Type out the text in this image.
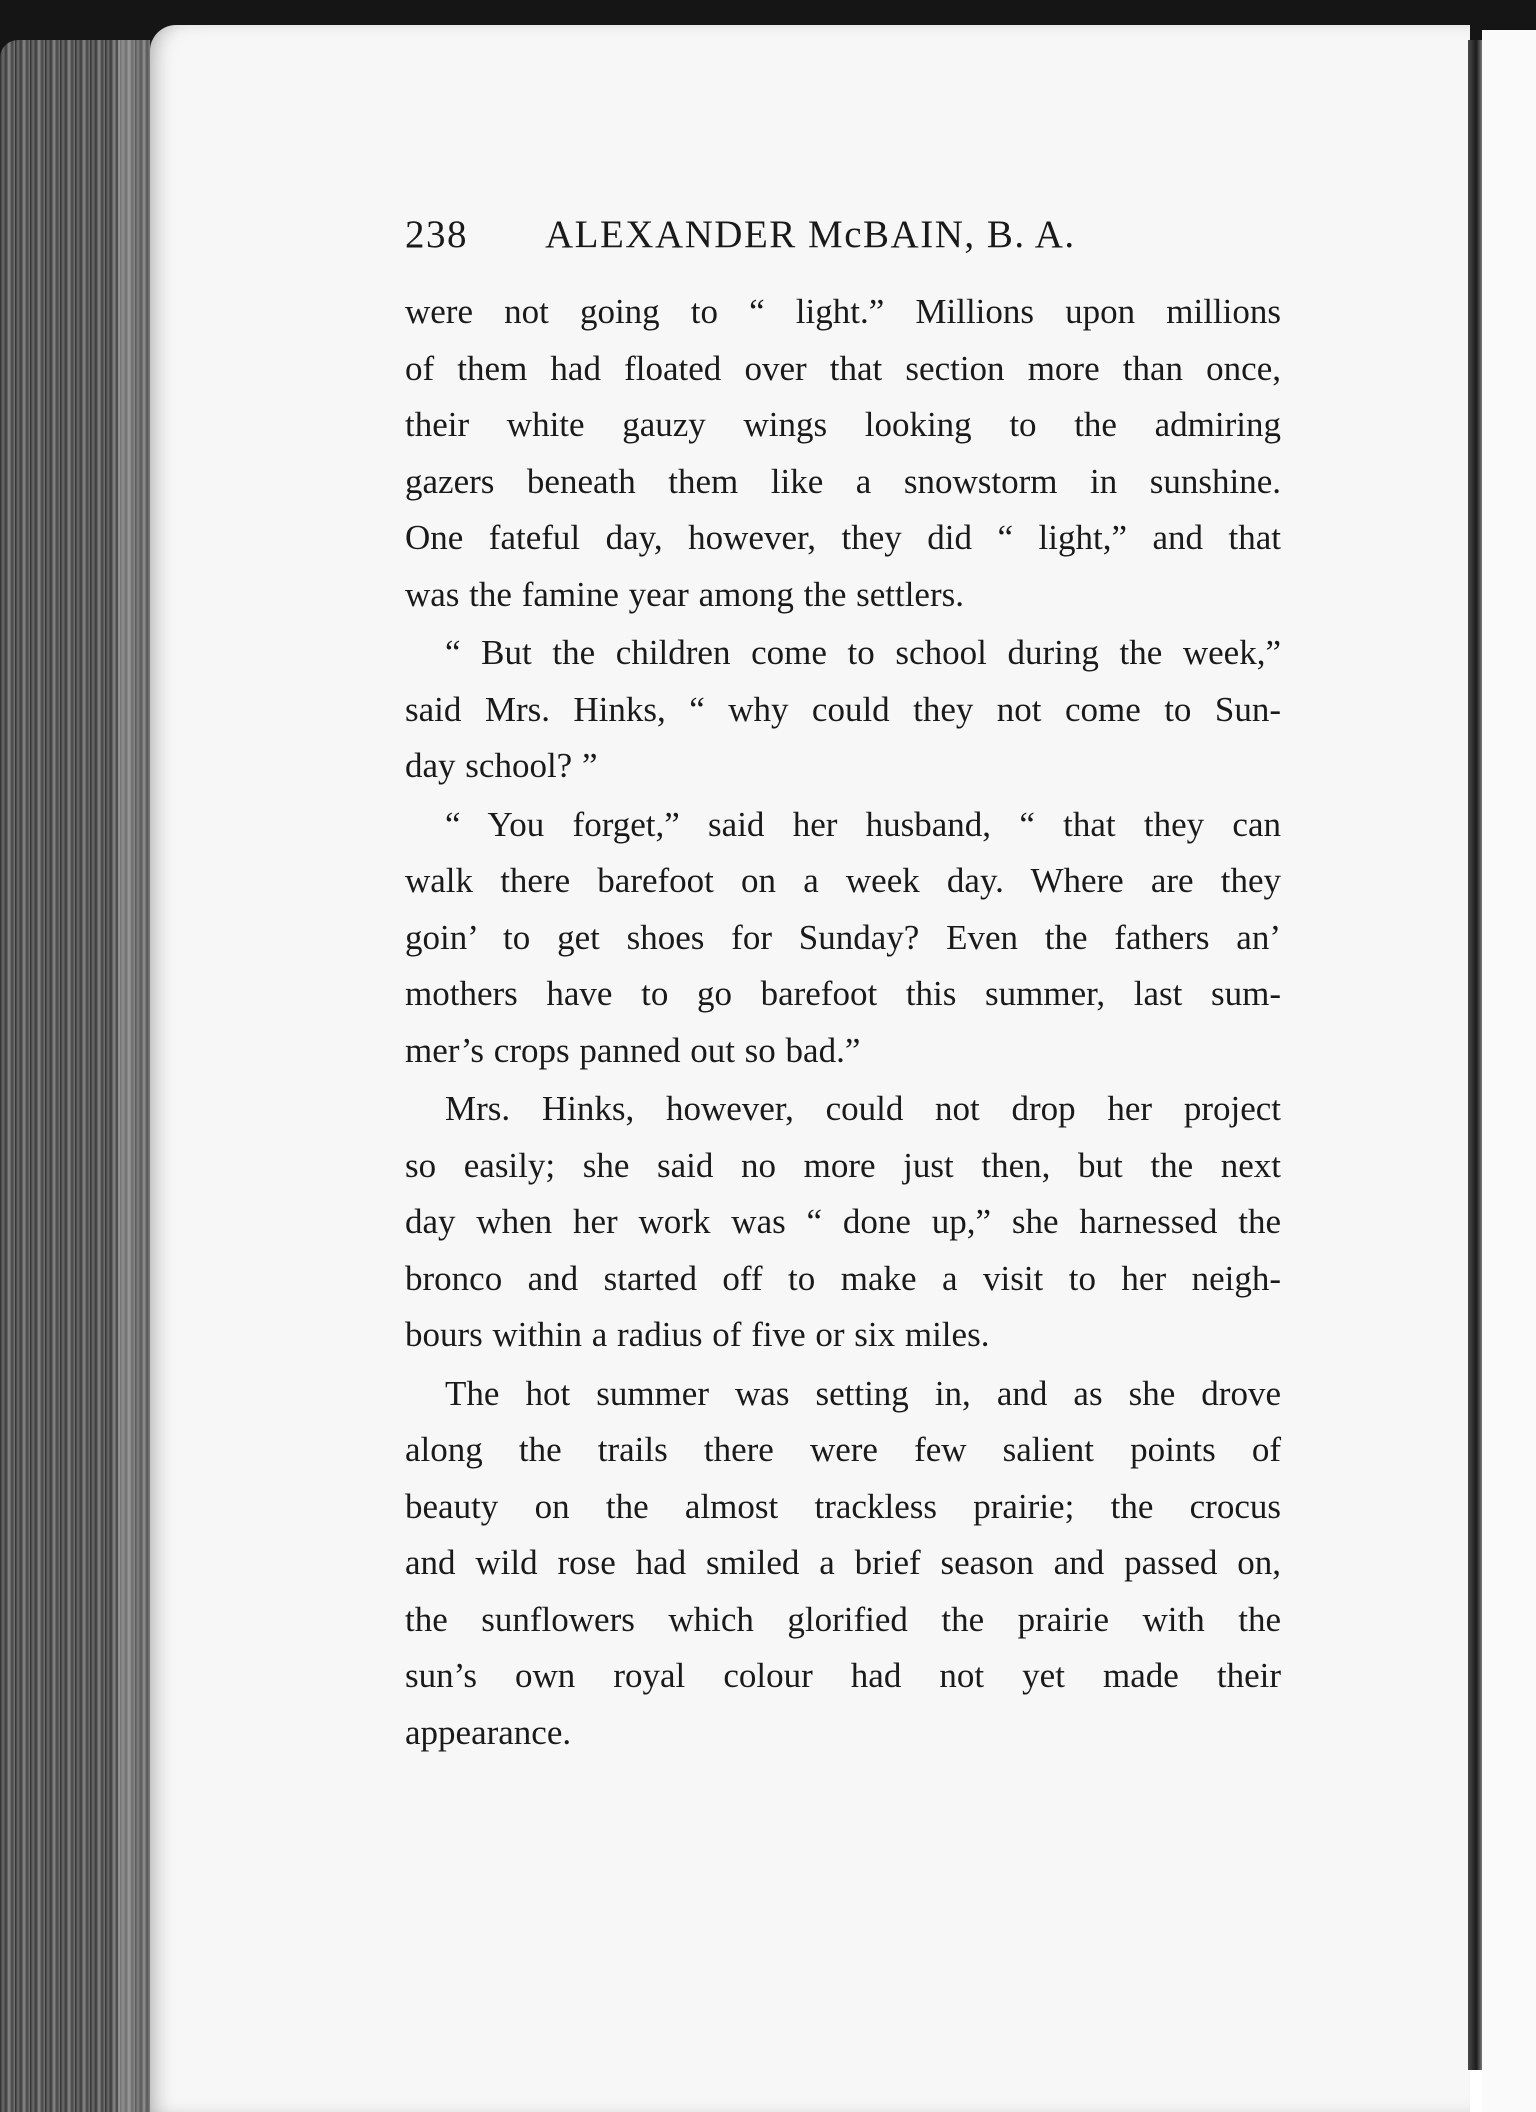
238	ALEXANDER McBAIN, B. A.
were not going to “ light.” Millions upon millions
of them had floated over that section more than once,
their white gauzy wings looking to the admiring
gazers beneath them like a snowstorm in sunshine.
One fateful day, however, they did “ light,” and that
was the famine year among the settlers.
“ But the children come to school during the week,”
said Mrs. Hinks, “ why could they not come to Sun-
day school? ”
“ You forget,” said her husband, “ that they can
walk there barefoot on a week day. Where are they
goin’ to get shoes for Sunday? Even the fathers an’
mothers have to go barefoot this summer, last sum-
mer’s crops panned out so bad.”
Mrs. Hinks, however, could not drop her project
so easily; she said no more just then, but the next
day when her work was “ done up,” she harnessed the
bronco and started off to make a visit to her neigh-
bours within a radius of five or six miles.
The hot summer was setting in, and as she drove
along the trails there were few salient points of
beauty on the almost trackless prairie; the crocus
and wild rose had smiled a brief season and passed on,
the sunflowers which glorified the prairie with the
sun’s own royal colour had not yet made their
appearance.
